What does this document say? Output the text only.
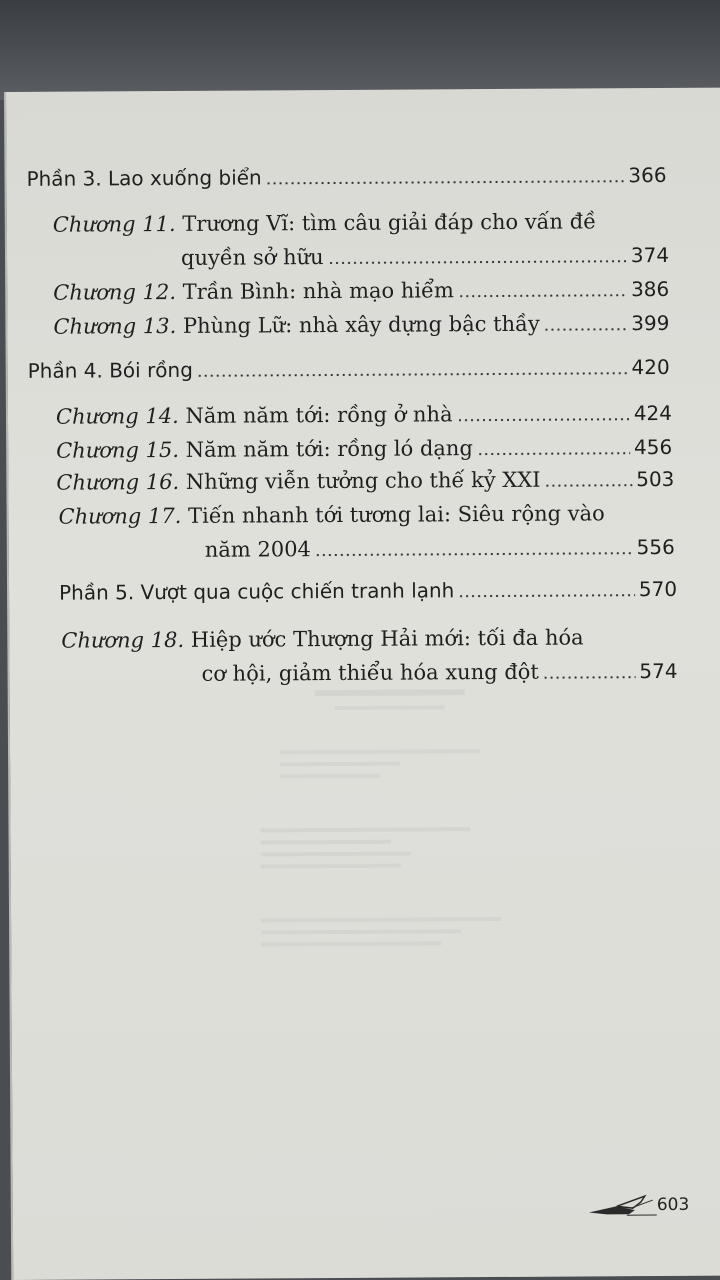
Phần 3. Lao xuống biển	366
Chương 11.
Trương Vĩ: tìm câu giải đáp cho vấn đề
quyền sở hữu	374
Chương 12.
Trần Bình: nhà mạo hiểm	386
Chương 13.
Phùng Lữ: nhà xây dựng bậc thầy	399
Phần 4. Bói rồng	420
Chương 14.
Năm năm tới: rồng ở nhà	424
Chương 15.
Năm năm tới: rồng ló dạng	456
Chương 16.
Những viễn tưởng cho thế kỷ XXI	503
Chương 17.
Tiến nhanh tới tương lai: Siêu rộng vào
năm 2004	556
Phần 5. Vượt qua cuộc chiến tranh lạnh	570
Chương 18.
Hiệp ước Thượng Hải mới: tối đa hóa
cơ hội, giảm thiểu hóa xung đột	574
603
